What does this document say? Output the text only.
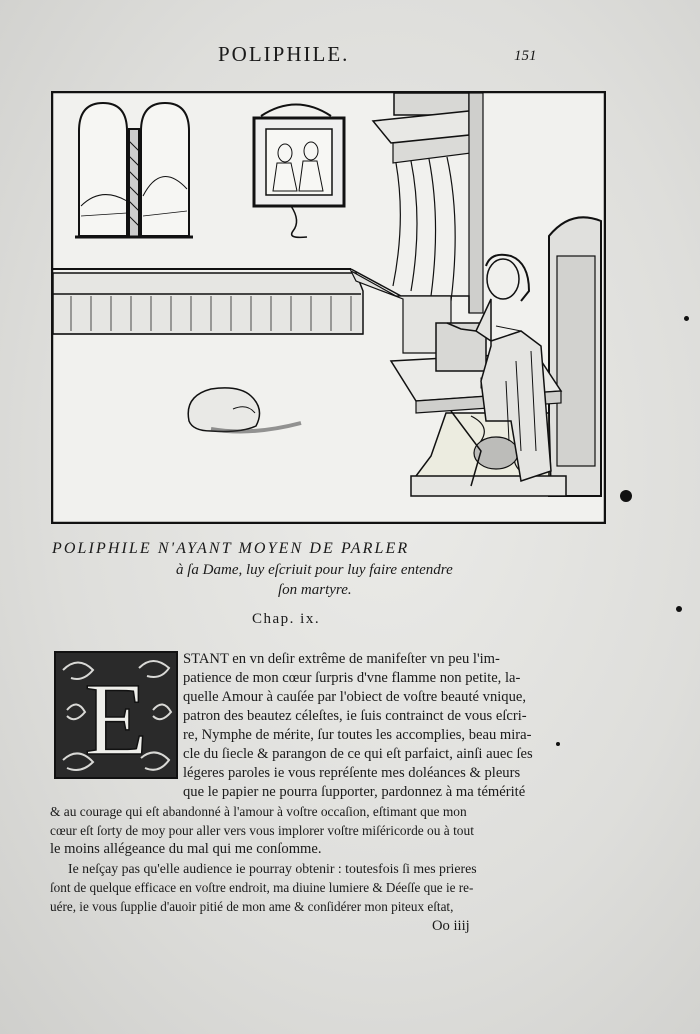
POLIPHILE.	151
POLIPHILE N'AYANT MOYEN DE PARLER
à ſa Dame, luy eſcriuit pour luy faire entendre
ſon martyre.
Chap. ix.
E
STANT en vn deſir extrême de manifeſter vn peu l'im-
patience de mon cœur ſurpris d'vne flamme non petite, la-
quelle Amour à cauſée par l'obiect de voſtre beauté vnique,
patron des beautez céleſtes, ie ſuis contrainct de vous eſcri-
re, Nymphe de mérite, ſur toutes les accomplies, beau mira-
cle du ſiecle & parangon de ce qui eſt parfaict, ainſi auec ſes
légeres paroles ie vous repréſente mes doléances & pleurs
que le papier ne pourra ſupporter, pardonnez à ma témérité
& au courage qui eſt abandonné à l'amour à voſtre occaſion, eſtimant que mon
cœur eſt ſorty de moy pour aller vers vous implorer voſtre miſéricorde ou à tout
le moins allégeance du mal qui me conſomme.
Ie neſçay pas qu'elle audience ie pourray obtenir : toutesfois ſi mes prieres
ſont de quelque efficace en voſtre endroit, ma diuine lumiere & Déeſſe que ie re-
uére, ie vous ſupplie d'auoir pitié de mon ame & conſidérer mon piteux eſtat,
Oo iiij
